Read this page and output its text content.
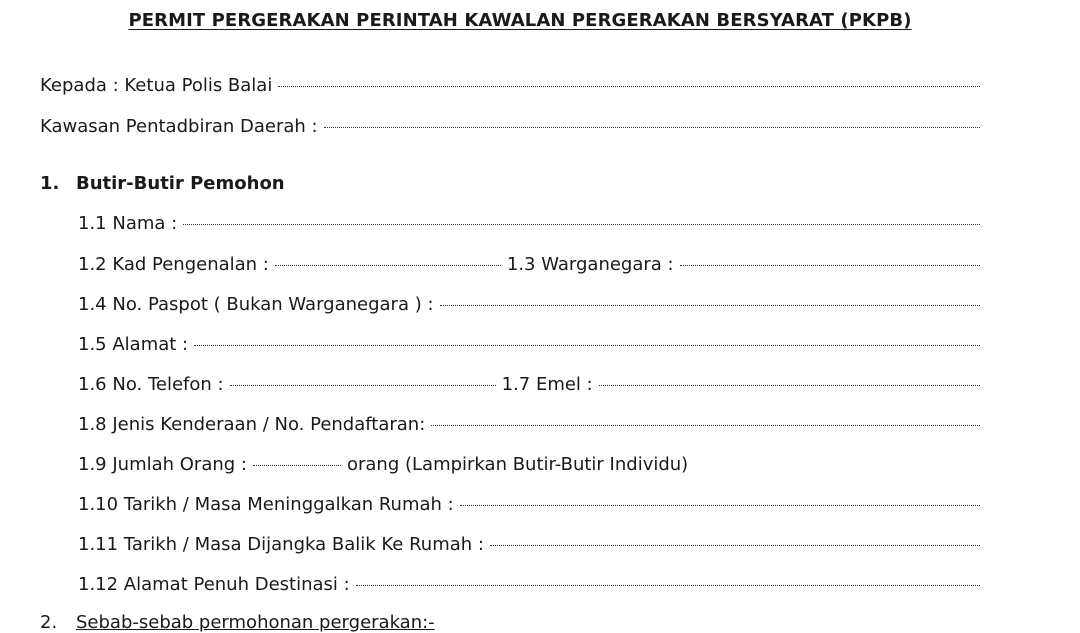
PERMIT PERGERAKAN PERINTAH KAWALAN PERGERAKAN BERSYARAT (PKPB)
Kepada : Ketua Polis Balai
Kawasan Pentadbiran Daerah :
1. Butir-Butir Pemohon
1.1 Nama :
1.2 Kad Pengenalan :	1.3 Warganegara :
1.4 No. Paspot ( Bukan Warganegara ) :
1.5 Alamat :
1.6 No. Telefon :	1.7 Emel :
1.8 Jenis Kenderaan / No. Pendaftaran:
1.9 Jumlah Orang :	orang (Lampirkan Butir-Butir Individu)
1.10 Tarikh / Masa Meninggalkan Rumah :
1.11 Tarikh / Masa Dijangka Balik Ke Rumah :
1.12 Alamat Penuh Destinasi :
2. Sebab-sebab permohonan pergerakan:-
